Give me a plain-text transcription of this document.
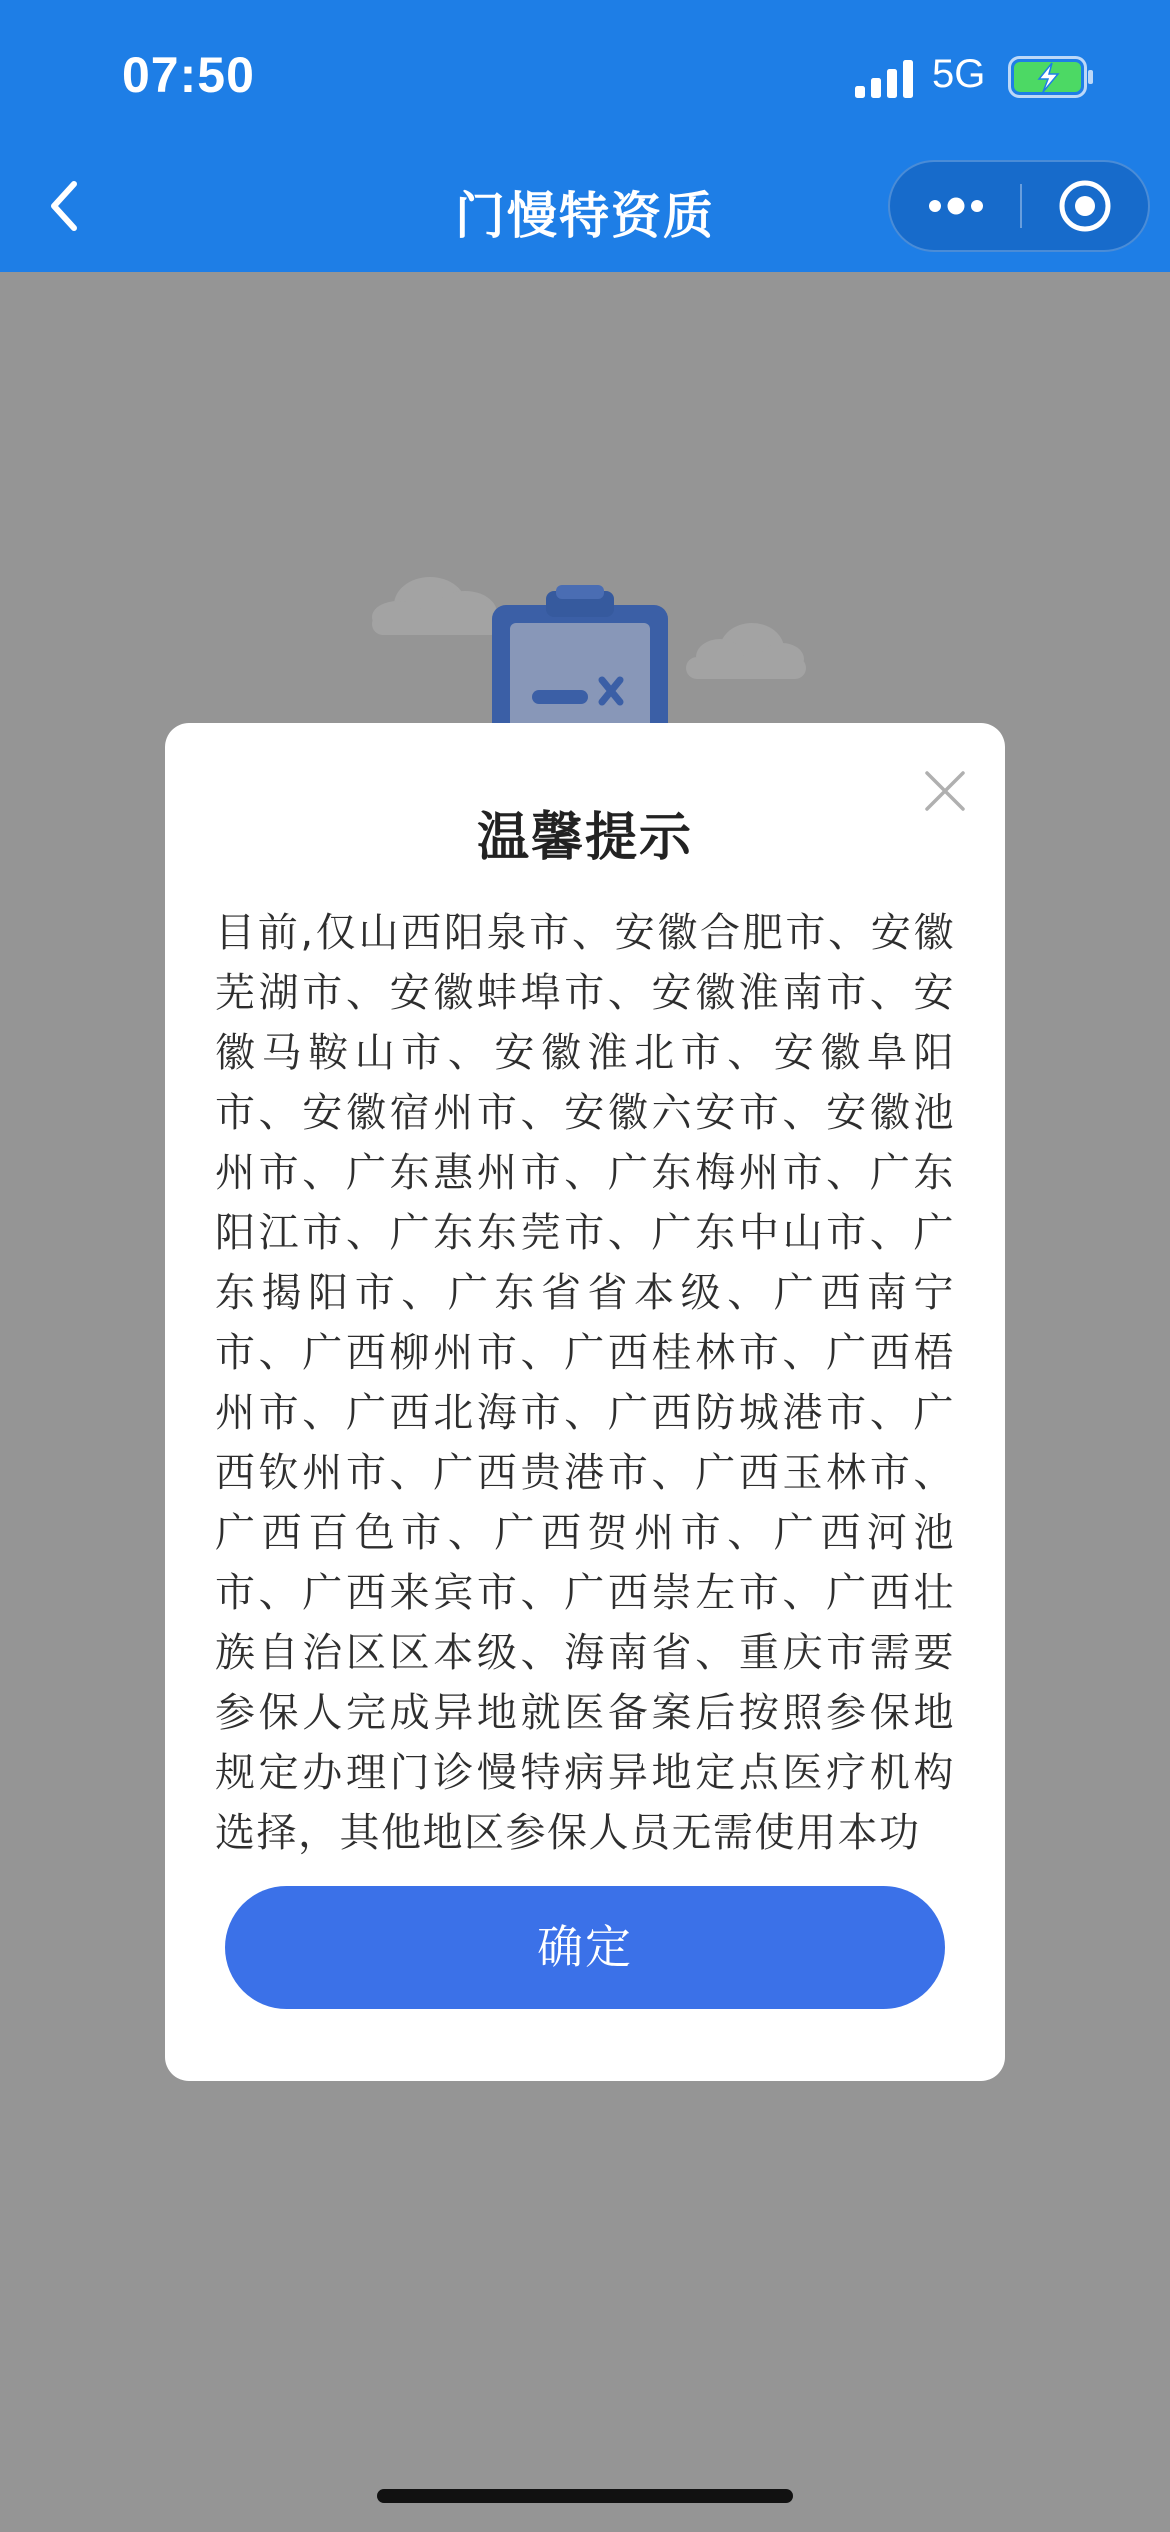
07:50	5G
门慢特资质
温馨提示
目前,仅山西阳泉市、安徽合肥市、安徽芜湖市、安徽蚌埠市、安徽淮南市、安徽马鞍山市、安徽淮北市、安徽阜阳市、安徽宿州市、安徽六安市、安徽池州市、广东惠州市、广东梅州市、广东阳江市、广东东莞市、广东中山市、广东揭阳市、广东省省本级、广西南宁市、广西柳州市、广西桂林市、广西梧州市、广西北海市、广西防城港市、广西钦州市、广西贵港市、广西玉林市、广西百色市、广西贺州市、广西河池市、广西来宾市、广西崇左市、广西壮族自治区区本级、海南省、重庆市需要参保人完成异地就医备案后按照参保地规定办理门诊慢特病异地定点医疗机构选择，其他地区参保人员无需使用本功
确定
